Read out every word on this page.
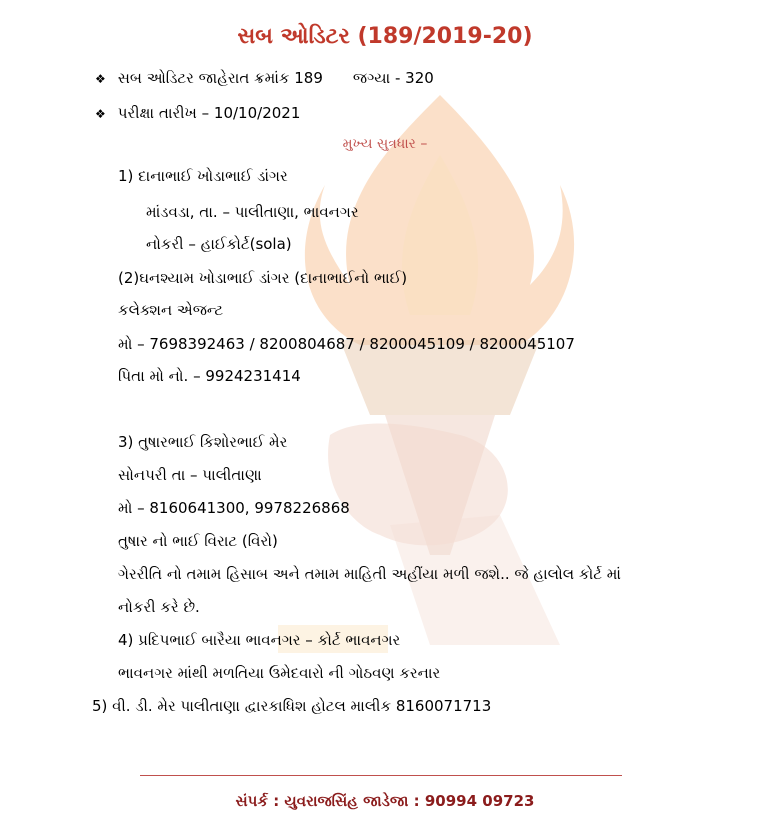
સબ ઓડિટર (189/2019-20)
❖ સબ ઓડિટર જાહેરાત ક્રમાંક 189 જગ્યા - 320
❖ પરીક્ષા તારીખ – 10/10/2021
મુખ્ય સુત્રધાર –
1) દાનાભાઈ ખોડાભાઈ ડાંગર
માંડવડા, તા. – પાલીતાણા, ભાવનગર
નોકરી – હાઈકોર્ટ(sola)
(2)ઘનશ્યામ ખોડાભાઈ ડાંગર (દાનાભાઈનો ભાઈ)
કલેક્શન એજન્ટ
મો – 7698392463 / 8200804687 / 8200045109 / 8200045107
પિતા મો નો. – 9924231414
3) તુષારભાઈ કિશોરભાઈ મેર
સોનપરી તા – પાલીતાણા
મો – 8160641300, 9978226868
તુષાર નો ભાઈ વિરાટ (વિરો)
ગેરરીતિ નો તમામ હિસાબ અને તમામ માહિતી અહીંયા મળી જશે.. જે હાલોલ કોર્ટ માં
નોકરી કરે છે.
4) પ્રદિપભાઈ બારૈયા ભાવનગર – કોર્ટ ભાવનગર
ભાવનગર માંથી મળતિયા ઉમેદવારો ની ગોઠવણ કરનાર
5) વી. ડી. મેર પાલીતાણા દ્વારકાધિશ હોટલ માલીક 8160071713
સંપર્ક : યુવરાજસિંહ જાડેજા : 90994 09723
